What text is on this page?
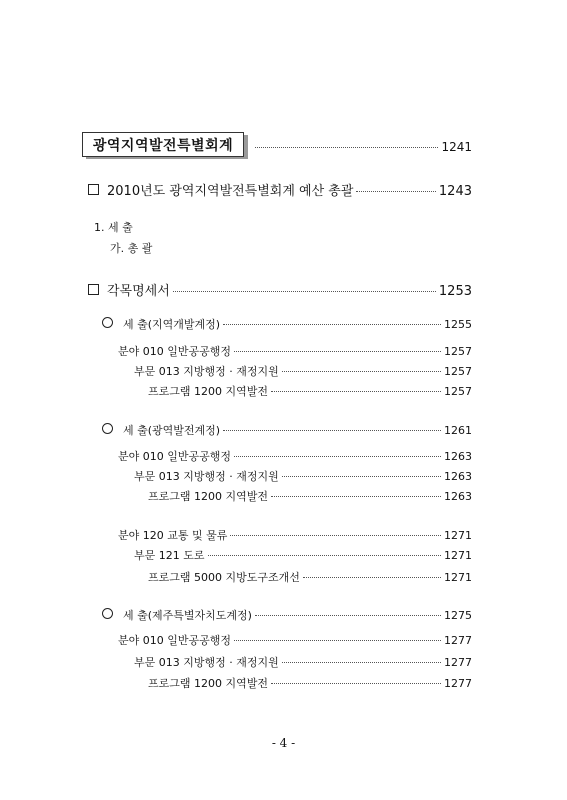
광역지역발전특별회계	1241
2010년도 광역지역발전특별회계 예산 총괄	1243
1. 세 출
가. 총 괄
각목명세서	1253
세 출(지역개발계정)	1255
분야 010 일반공공행정	1257
부문 013 지방행정 · 재정지원	1257
프로그램 1200 지역발전	1257
세 출(광역발전계정)	1261
분야 010 일반공공행정	1263
부문 013 지방행정 · 재정지원	1263
프로그램 1200 지역발전	1263
분야 120 교통 및 물류	1271
부문 121 도로	1271
프로그램 5000 지방도구조개선	1271
세 출(제주특별자치도계정)	1275
분야 010 일반공공행정	1277
부문 013 지방행정 · 재정지원	1277
프로그램 1200 지역발전	1277
- 4 -
